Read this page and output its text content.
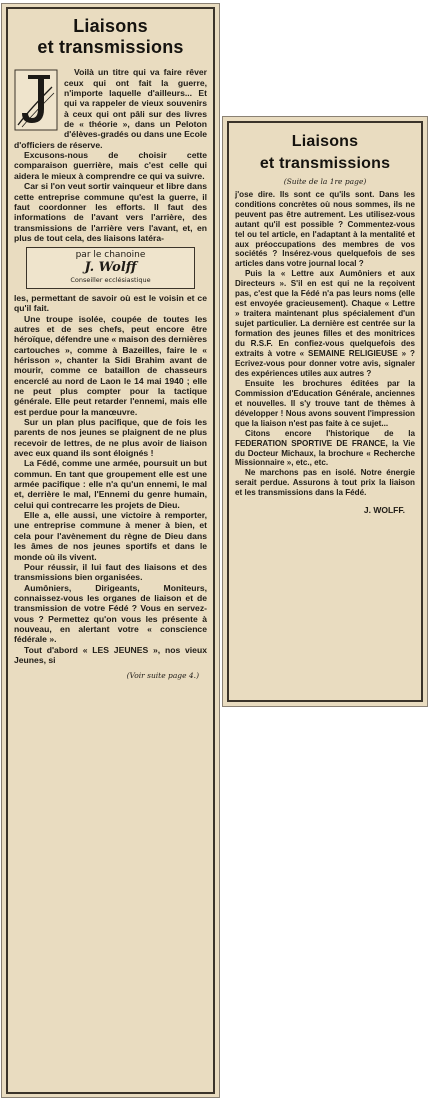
Liaisons
et transmissions

Voilà un titre qui va faire rêver ceux qui ont fait la guerre, n'importe laquelle d'ailleurs... Et qui va rappeler de vieux souvenirs à ceux qui ont pâli sur des livres de « théorie », dans un Peloton d'élèves-gradés ou dans une Ecole d'officiers de réserve.

Excusons-nous de choisir cette comparaison guerrière, mais c'est celle qui aidera le mieux à comprendre ce qui va suivre.

Car si l'on veut sortir vainqueur et libre dans cette entreprise commune qu'est la guerre, il faut coordonner les efforts. Il faut des informations de l'avant vers l'arrière, des transmissions de l'arrière vers l'avant, et, en plus de tout cela, des liaisons latéra-

par le chanoine
J. Wolff
Conseiller ecclésiastique

les, permettant de savoir où est le voisin et ce qu'il fait.

Une troupe isolée, coupée de toutes les autres et de ses chefs, peut encore être héroïque, défendre une « maison des dernières cartouches », comme à Bazeilles, faire le « hérisson », chanter la Sidi Brahim avant de mourir, comme ce bataillon de chasseurs encerclé au nord de Laon le 14 mai 1940 ; elle ne peut plus compter pour la tactique générale. Elle peut retarder l'ennemi, mais elle est perdue pour la manœuvre.

Sur un plan plus pacifique, que de fois les parents de nos jeunes se plaignent de ne plus recevoir de lettres, de ne plus avoir de liaison avec eux quand ils sont éloignés !

La Fédé, comme une armée, poursuit un but commun. En tant que groupement elle est une armée pacifique : elle n'a qu'un ennemi, le mal et, derrière le mal, l'Ennemi du genre humain, celui qui contrecarre les projets de Dieu.

Elle a, elle aussi, une victoire à remporter, une entreprise commune à mener à bien, et cela pour l'avènement du règne de Dieu dans les âmes de nos jeunes sportifs et dans le monde où ils vivent.

Pour réussir, il lui faut des liaisons et des transmissions bien organisées.

Aumôniers, Dirigeants, Moniteurs, connaissez-vous les organes de liaison et de transmission de votre Fédé ? Vous en servez-vous ? Permettez qu'on vous les présente à nouveau, en alertant votre « conscience fédérale ».

Tout d'abord « LES JEUNES », nos vieux Jeunes, si

(Voir suite page 4.)
Liaisons
et transmissions
(Suite de la 1re page)

j'ose dire. Ils sont ce qu'ils sont. Dans les conditions concrètes où nous sommes, ils ne peuvent pas être autrement. Les utilisez-vous autant qu'il est possible ? Commentez-vous tel ou tel article, en l'adaptant à la mentalité et aux préoccupations des membres de vos sociétés ? Insérez-vous quelquefois de ses articles dans votre journal local ?

Puis la « Lettre aux Aumôniers et aux Directeurs ». S'il en est qui ne la reçoivent pas, c'est que la Fédé n'a pas leurs noms (elle est envoyée gracieusement). Chaque « Lettre » traitera maintenant plus spécialement d'un sujet particulier. La dernière est centrée sur la formation des jeunes filles et des monitrices du R.S.F. En confiez-vous quelquefois des extraits à votre « SEMAINE RELIGIEUSE » ? Ecrivez-vous pour donner votre avis, signaler des expériences utiles aux autres ?

Ensuite les brochures éditées par la Commission d'Education Générale, anciennes et nouvelles. Il s'y trouve tant de thèmes à développer ! Nous avons souvent l'impression que la liaison n'est pas faite à ce sujet...

Citons encore l'historique de la FEDERATION SPORTIVE DE FRANCE, la Vie du Docteur Michaux, la brochure « Recherche Missionnaire », etc., etc.

Ne marchons pas en isolé. Notre énergie serait perdue. Assurons à tout prix la liaison et les transmissions dans la Fédé.

J. WOLFF.
